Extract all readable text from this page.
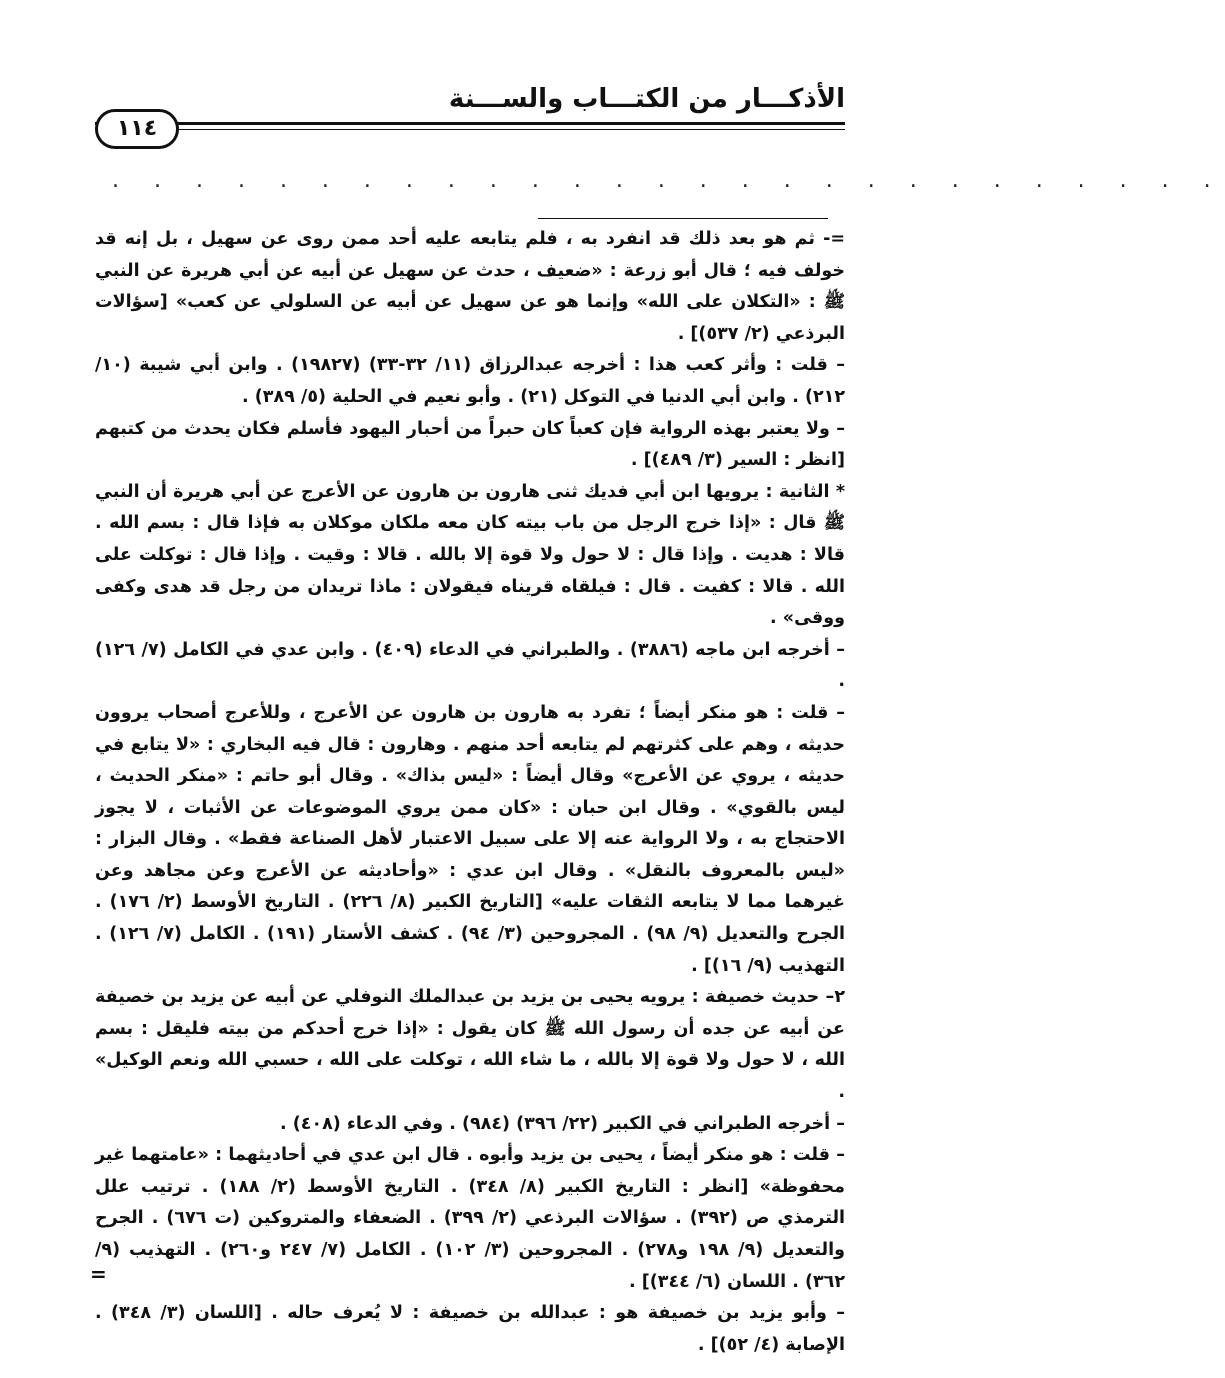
الأذكـــار من الكتـــاب والســـنة
١١٤
. . . . . . . . . . . . . . . . . . . . . . . . . . .

=- ثم هو بعد ذلك قد انفرد به ، فلم يتابعه عليه أحد ممن روى عن سهيل ، بل إنه قد خولف فيه ؛ قال أبو زرعة : «ضعيف ، حدث عن سهيل عن أبيه عن أبي هريرة عن النبي ﷺ : «التكلان على الله» وإنما هو عن سهيل عن أبيه عن السلولي عن كعب» [سؤالات البرذعي (٢/ ٥٣٧)] .

– قلت : وأثر كعب هذا : أخرجه عبدالرزاق (١١/ ٣٢-٣٣) (١٩٨٢٧) . وابن أبي شيبة (١٠/ ٢١٢) . وابن أبي الدنيا في التوكل (٢١) . وأبو نعيم في الحلية (٥/ ٣٨٩) .

– ولا يعتبر بهذه الرواية فإن كعباً كان حبراً من أحبار اليهود فأسلم فكان يحدث من كتبهم [انظر : السير (٣/ ٤٨٩)] .

* الثانية : يرويها ابن أبي فديك ثنى هارون بن هارون عن الأعرج عن أبي هريرة أن النبي ﷺ قال : «إذا خرج الرجل من باب بيته كان معه ملكان موكلان به فإذا قال : بسم الله . قالا : هديت . وإذا قال : لا حول ولا قوة إلا بالله . قالا : وقيت . وإذا قال : توكلت على الله . قالا : كفيت . قال : فيلقاه قريناه فيقولان : ماذا تريدان من رجل قد هدى وكفى ووقى» .

– أخرجه ابن ماجه (٣٨٨٦) . والطبراني في الدعاء (٤٠٩) . وابن عدي في الكامل (٧/ ١٢٦) .

– قلت : هو منكر أيضاً ؛ تفرد به هارون بن هارون عن الأعرج ، وللأعرج أصحاب يروون حديثه ، وهم على كثرتهم لم يتابعه أحد منهم . وهارون : قال فيه البخاري : «لا يتابع في حديثه ، يروي عن الأعرج» وقال أيضاً : «ليس بذاك» . وقال أبو حاتم : «منكر الحديث ، ليس بالقوي» . وقال ابن حبان : «كان ممن يروي الموضوعات عن الأثبات ، لا يجوز الاحتجاج به ، ولا الرواية عنه إلا على سبيل الاعتبار لأهل الصناعة فقط» . وقال البزار : «ليس بالمعروف بالنقل» . وقال ابن عدي : «وأحاديثه عن الأعرج وعن مجاهد وعن غيرهما مما لا يتابعه الثقات عليه» [التاريخ الكبير (٨/ ٢٢٦) . التاريخ الأوسط (٢/ ١٧٦) . الجرح والتعديل (٩/ ٩٨) . المجروحين (٣/ ٩٤) . كشف الأستار (١٩١) . الكامل (٧/ ١٢٦) . التهذيب (٩/ ١٦)] .

٢– حديث خصيفة : يرويه يحيى بن يزيد بن عبدالملك النوفلي عن أبيه عن يزيد بن خصيفة عن أبيه عن جده أن رسول الله ﷺ كان يقول : «إذا خرج أحدكم من بيته فليقل : بسم الله ، لا حول ولا قوة إلا بالله ، ما شاء الله ، توكلت على الله ، حسبي الله ونعم الوكيل» .

– أخرجه الطبراني في الكبير (٢٢/ ٣٩٦) (٩٨٤) . وفي الدعاء (٤٠٨) .

– قلت : هو منكر أيضاً ، يحيى بن يزيد وأبوه . قال ابن عدي في أحاديثهما : «عامتهما غير محفوظة» [انظر : التاريخ الكبير (٨/ ٣٤٨) . التاريخ الأوسط (٢/ ١٨٨) . ترتيب علل الترمذي ص (٣٩٢) . سؤالات البرذعي (٢/ ٣٩٩) . الضعفاء والمتروكين (ت ٦٧٦) . الجرح والتعديل (٩/ ١٩٨ و٢٧٨) . المجروحين (٣/ ١٠٢) . الكامل (٧/ ٢٤٧ و٢٦٠) . التهذيب (٩/ ٣٦٢) . اللسان (٦/ ٣٤٤)] .

– وأبو يزيد بن خصيفة هو : عبدالله بن خصيفة : لا يُعرف حاله . [اللسان (٣/ ٣٤٨) . الإصابة (٤/ ٥٢)] .

=
